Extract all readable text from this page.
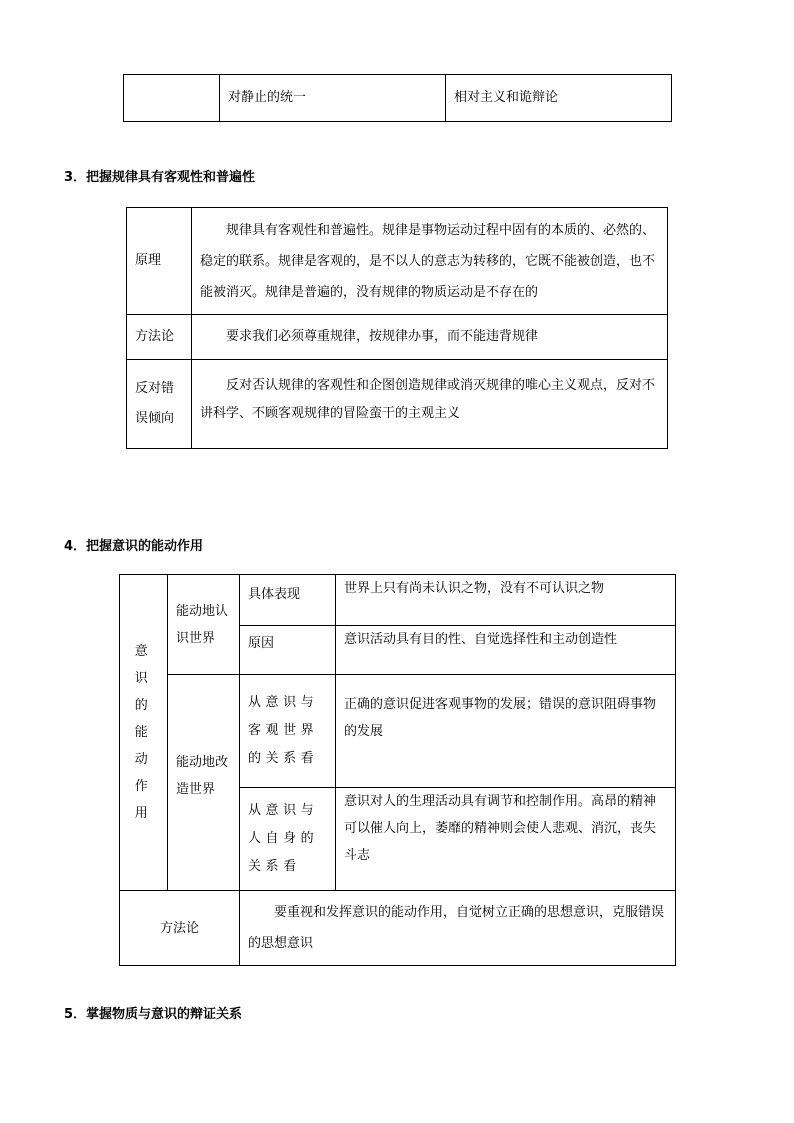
	对静止的统一	相对主义和诡辩论
3．把握规律具有客观性和普遍性
原理	规律具有客观性和普遍性。规律是事物运动过程中固有的本质的、必然的、稳定的联系。规律是客观的，是不以人的意志为转移的，它既不能被创造，也不能被消灭。规律是普遍的，没有规律的物质运动是不存在的
方法论	要求我们必须尊重规律，按规律办事，而不能违背规律
反对错误倾向	反对否认规律的客观性和企图创造规律或消灭规律的唯心主义观点，反对不讲科学、不顾客观规律的冒险蛮干的主观主义
4．把握意识的能动作用
意识的能动作用	能动地认识世界	具体表现	世界上只有尚未认识之物，没有不可认识之物
		原因	意识活动具有目的性、自觉选择性和主动创造性
	能动地改造世界	从意识与客观世界的关系看	正确的意识促进客观事物的发展；错误的意识阻碍事物的发展
		从意识与人自身的关系看	意识对人的生理活动具有调节和控制作用。高昂的精神可以催人向上，萎靡的精神则会使人悲观、消沉，丧失斗志
方法论		要重视和发挥意识的能动作用，自觉树立正确的思想意识，克服错误的思想意识	
5．掌握物质与意识的辩证关系
